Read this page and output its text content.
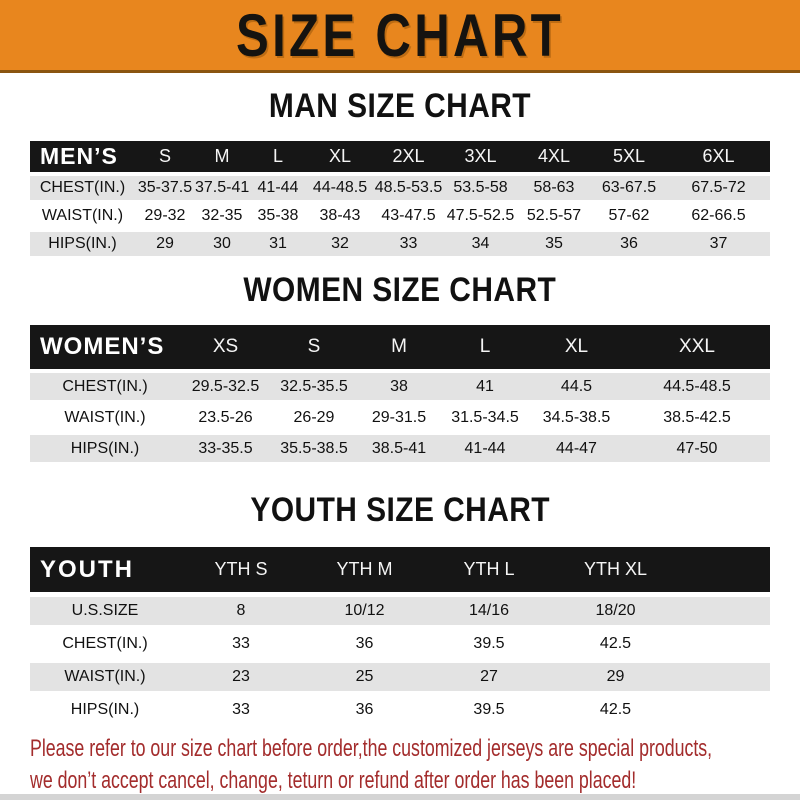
SIZE CHART
MAN SIZE CHART
MEN’S	S	M	L	XL	2XL	3XL	4XL	5XL	6XL
CHEST(IN.) 35-37.5 37.5-41 41-44 44-48.5 48.5-53.5 53.5-58	58-63	63-67.5	67.5-72
WAIST(IN.)	29-32	32-35 35-38	38-43	43-47.5 47.5-52.5 52.5-57	57-62	62-66.5
HIPS(IN.)	29	30	31	32	33	34	35	36	37
WOMEN SIZE CHART
WOMEN’S	XS	S	M	L	XL	XXL
CHEST(IN.)	29.5-32.5	32.5-35.5	38	41	44.5	44.5-48.5
WAIST(IN.)	23.5-26	26-29	29-31.5	31.5-34.5	34.5-38.5	38.5-42.5
HIPS(IN.)	33-35.5	35.5-38.5	38.5-41	41-44	44-47	47-50
YOUTH SIZE CHART
YOUTH	YTH S	YTH M	YTH L	YTH XL
U.S.SIZE	8	10/12	14/16	18/20
CHEST(IN.)	33	36	39.5	42.5
WAIST(IN.)	23	25	27	29
HIPS(IN.)	33	36	39.5	42.5
Please refer to our size chart before order,the customized jerseys are special products,
we don’t accept cancel, change, teturn or refund after order has been placed!
